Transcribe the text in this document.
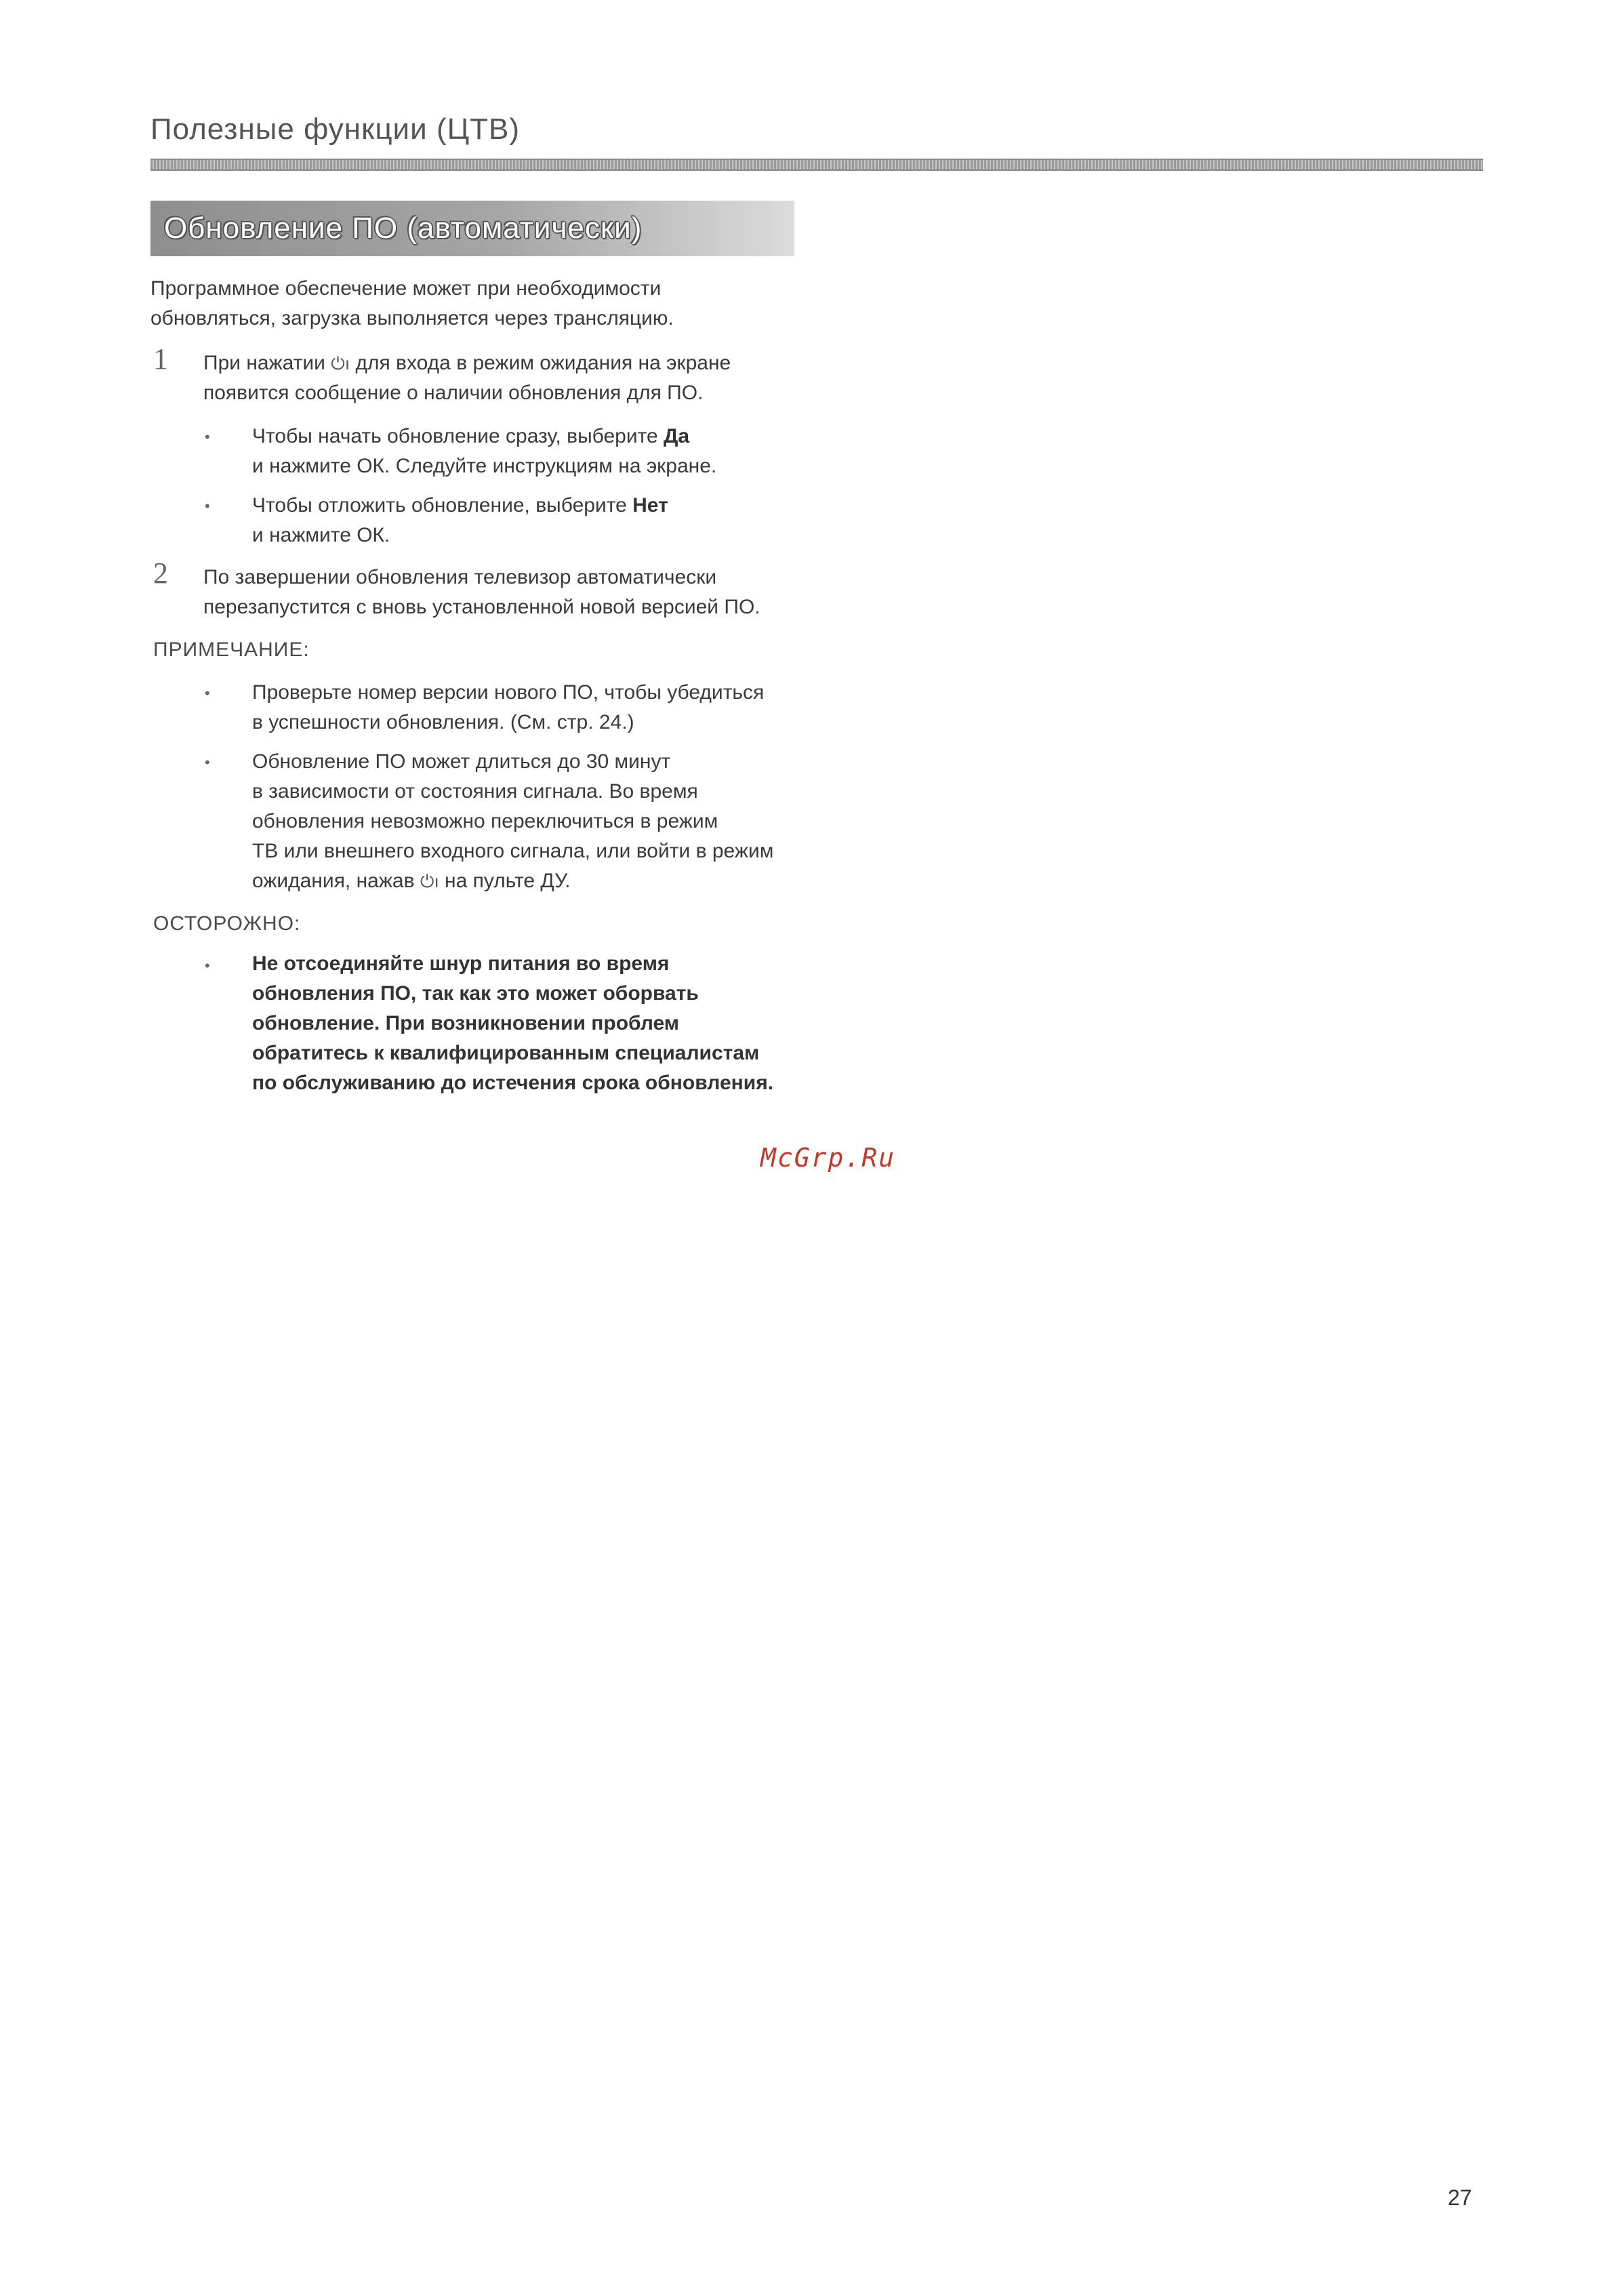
Полезные функции (ЦТВ)
Обновление ПО (автоматически)
Программное обеспечение может при необходимости
обновляться, загрузка выполняется через трансляцию.
1 При нажатии ⏻ı для входа в режим ожидания на экране
появится сообщение о наличии обновления для ПО.
• Чтобы начать обновление сразу, выберите Да
и нажмите ОК. Следуйте инструкциям на экране.
• Чтобы отложить обновление, выберите Нет
и нажмите ОК.
2 По завершении обновления телевизор автоматически
перезапустится с вновь установленной новой версией ПО.
ПРИМЕЧАНИЕ:
• Проверьте номер версии нового ПО, чтобы убедиться
в успешности обновления. (См. стр. 24.)
• Обновление ПО может длиться до 30 минут
в зависимости от состояния сигнала. Во время
обновления невозможно переключиться в режим
ТВ или внешнего входного сигнала, или войти в режим
ожидания, нажав ⏻ı на пульте ДУ.
ОСТОРОЖНО:
• Не отсоединяйте шнур питания во время
обновления ПО, так как это может оборвать
обновление. При возникновении проблем
обратитесь к квалифицированным специалистам
по обслуживанию до истечения срока обновления.
McGrp.Ru
27
